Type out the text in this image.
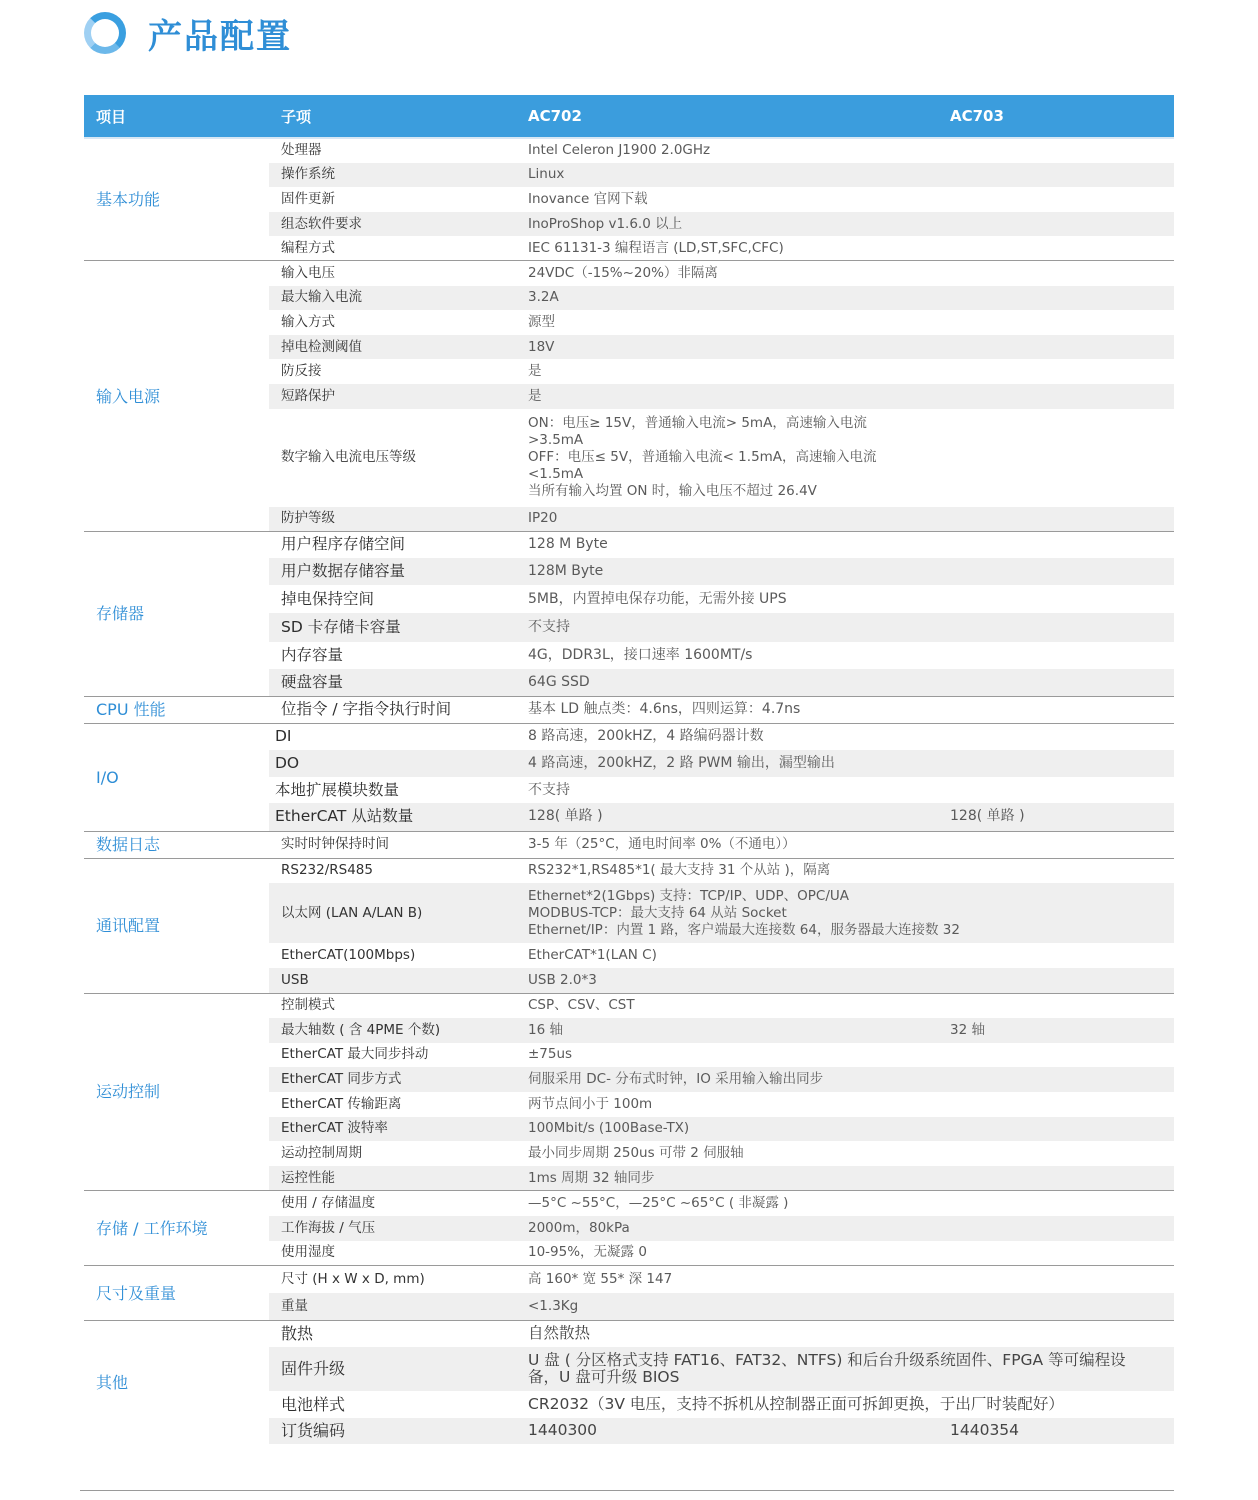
产品配置
项目	子项	AC702	AC703
基本功能	处理器	Intel Celeron J1900 2.0GHz	
	操作系统	Linux	
	固件更新	Inovance 官网下载	
	组态软件要求	InoProShop v1.6.0 以上	
	编程方式	IEC 61131-3 编程语言 (LD,ST,SFC,CFC)	
输入电源	输入电压	24VDC（-15%~20%）非隔离	
	最大输入电流	3.2A	
	输入方式	源型	
	掉电检测阈值	18V	
	防反接	是	
	短路保护	是	
	数字输入电流电压等级	ON：电压≥ 15V，普通输入电流> 5mA，高速输入电流
>3.5mA
OFF：电压≤ 5V，普通输入电流< 1.5mA，高速输入电流
<1.5mA
当所有输入均置 ON 时，输入电压不超过 26.4V	
	防护等级	IP20	
存储器	用户程序存储空间	128 M Byte	
	用户数据存储容量	128M Byte	
	掉电保持空间	5MB，内置掉电保存功能，无需外接 UPS	
	SD 卡存储卡容量	不支持	
	内存容量	4G，DDR3L，接口速率 1600MT/s	
	硬盘容量	64G SSD	
CPU 性能	位指令 / 字指令执行时间	基本 LD 触点类：4.6ns，四则运算：4.7ns	
I/O	DI	8 路高速，200kHZ，4 路编码器计数	
	DO	4 路高速，200kHZ，2 路 PWM 输出，漏型输出	
	本地扩展模块数量	不支持	
	EtherCAT 从站数量	128( 单路 )	128( 单路 )
数据日志	实时时钟保持时间	3-5 年（25°C，通电时间率 0%（不通电））	
通讯配置	RS232/RS485	RS232*1,RS485*1( 最大支持 31 个从站 )，隔离	
	以太网 (LAN A/LAN B)	Ethernet*2(1Gbps) 支持：TCP/IP、UDP、OPC/UA
MODBUS-TCP：最大支持 64 从站 Socket
Ethernet/IP：内置 1 路，客户端最大连接数 64，服务器最大连接数 32	
	EtherCAT(100Mbps)	EtherCAT*1(LAN C)	
	USB	USB 2.0*3	
运动控制	控制模式	CSP、CSV、CST	
	最大轴数 ( 含 4PME 个数)	16 轴	32 轴
	EtherCAT 最大同步抖动	±75us	
	EtherCAT 同步方式	伺服采用 DC- 分布式时钟，IO 采用输入输出同步	
	EtherCAT 传输距离	两节点间小于 100m	
	EtherCAT 波特率	100Mbit/s (100Base-TX)	
	运动控制周期	最小同步周期 250us 可带 2 伺服轴	
	运控性能	1ms 周期 32 轴同步	
存储 / 工作环境	使用 / 存储温度	—5°C ~55°C，—25°C ~65°C ( 非凝露 )	
	工作海拔 / 气压	2000m，80kPa	
	使用湿度	10-95%，无凝露 0	
尺寸及重量	尺寸 (H x W x D, mm)	高 160* 宽 55* 深 147	
	重量	<1.3Kg	
其他	散热	自然散热	
	固件升级	U 盘 ( 分区格式支持 FAT16、FAT32、NTFS) 和后台升级系统固件、FPGA 等可编程设
备，U 盘可升级 BIOS	
	电池样式	CR2032（3V 电压，支持不拆机从控制器正面可拆卸更换，于出厂时装配好）	
	订货编码	1440300	1440354
